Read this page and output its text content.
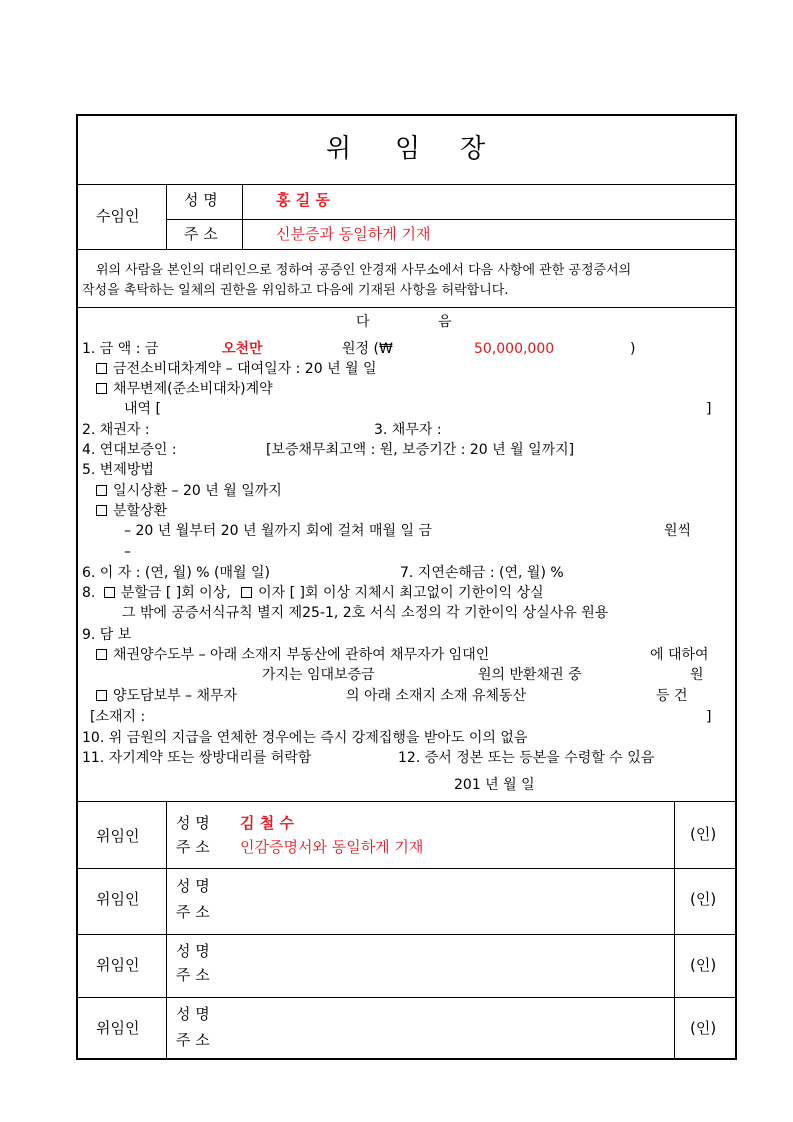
위 임 장
수임인
성 명	홍 길 동
주 소	신분증과 동일하게 기재
위의 사람을 본인의 대리인으로 정하여 공증인 안경재 사무소에서 다음 사항에 관한 공정증서의
작성을 촉탁하는 일체의 권한을 위임하고 다음에 기재된 사항을 허락합니다.
다	음
1. 금 액 : 금	오천만	원정 (₩	50,000,000	)
금전소비대차계약 – 대여일자 : 20 년 월 일
채무변제(준소비대차)계약
내역 [	]
2. 채권자 :	3. 채무자 :
4. 연대보증인 :	[보증채무최고액 : 원, 보증기간 : 20 년 월 일까지]
5. 변제방법
일시상환 – 20 년 월 일까지
분할상환
– 20 년 월부터 20 년 월까지 회에 걸쳐 매월 일 금	원씩
–
6. 이 자 : (연, 월) % (매월 일)	7. 지연손해금 : (연, 월) %
8. 분할금 [ ]회 이상, 이자 [ ]회 이상 지체시 최고없이 기한이익 상실
그 밖에 공증서식규칙 별지 제25-1, 2호 서식 소정의 각 기한이익 상실사유 원용
9. 담 보
채권양수도부 – 아래 소재지 부동산에 관하여 채무자가 임대인	에 대하여
가지는 임대보증금	원의 반환채권 중	원
양도담보부 – 채무자	의 아래 소재지 소재 유체동산	등 건
[소재지 :	]
10. 위 금원의 지급을 연체한 경우에는 즉시 강제집행을 받아도 이의 없음
11. 자기계약 또는 쌍방대리를 허락함	12. 증서 정본 또는 등본을 수령할 수 있음
201 년 월 일
위임인
성 명 김 철 수
주 소 인감증명서와 동일하게 기재
(인)
위임인
성 명
주 소
(인)
위임인
성 명
주 소
(인)
위임인
성 명
주 소
(인)
